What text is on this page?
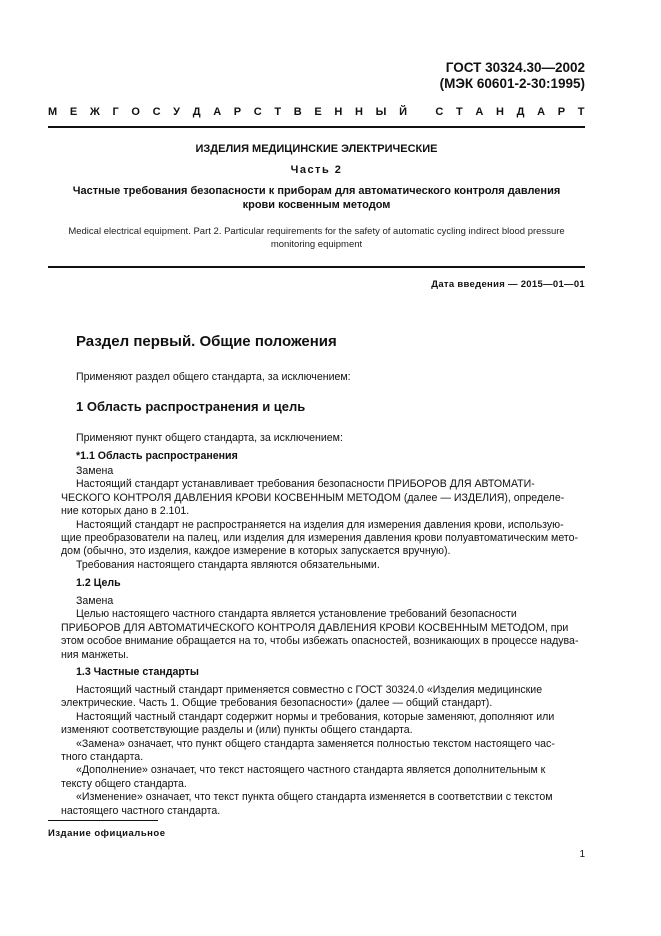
ГОСТ 30324.30—2002
(МЭК 60601-2-30:1995)
М Е Ж Г О С У Д А Р С Т В Е Н Н Ы Й
	С Т А Н Д А Р Т
ИЗДЕЛИЯ МЕДИЦИНСКИЕ ЭЛЕКТРИЧЕСКИЕ
Часть 2
Частные требования безопасности к приборам для автоматического контроля давления
крови косвенным методом
Medical electrical equipment. Part 2. Particular requirements for the safety of automatic cycling indirect blood pressure
monitoring equipment
Дата введения — 2015—01—01
Раздел первый. Общие положения
Применяют раздел общего стандарта, за исключением:
1 Область распространения и цель
Применяют пункт общего стандарта, за исключением:
*1.1 Область распространения
Замена
Настоящий стандарт устанавливает требования безопасности ПРИБОРОВ ДЛЯ АВТОМАТИ-
ЧЕСКОГО КОНТРОЛЯ ДАВЛЕНИЯ КРОВИ КОСВЕННЫМ МЕТОДОМ (далее — ИЗДЕЛИЯ), определе-
ние которых дано в 2.101.
Настоящий стандарт не распространяется на изделия для измерения давления крови, использую-
щие преобразователи на палец, или изделия для измерения давления крови полуавтоматическим мето-
дом (обычно, это изделия, каждое измерение в которых запускается вручную).
Требования настоящего стандарта являются обязательными.
1.2 Цель
Замена
Целью настоящего частного стандарта является установление требований безопасности
ПРИБОРОВ ДЛЯ АВТОМАТИЧЕСКОГО КОНТРОЛЯ ДАВЛЕНИЯ КРОВИ КОСВЕННЫМ МЕТОДОМ, при
этом особое внимание обращается на то, чтобы избежать опасностей, возникающих в процессе надува-
ния манжеты.
1.3 Частные стандарты
Настоящий частный стандарт применяется совместно с ГОСТ 30324.0 «Изделия медицинские
электрические. Часть 1. Общие требования безопасности» (далее — общий стандарт).
Настоящий частный стандарт содержит нормы и требования, которые заменяют, дополняют или
изменяют соответствующие разделы и (или) пункты общего стандарта.
«Замена» означает, что пункт общего стандарта заменяется полностью текстом настоящего час-
тного стандарта.
«Дополнение» означает, что текст настоящего частного стандарта является дополнительным к
тексту общего стандарта.
«Изменение» означает, что текст пункта общего стандарта изменяется в соответствии с текстом
настоящего частного стандарта.
Издание официальное
1
